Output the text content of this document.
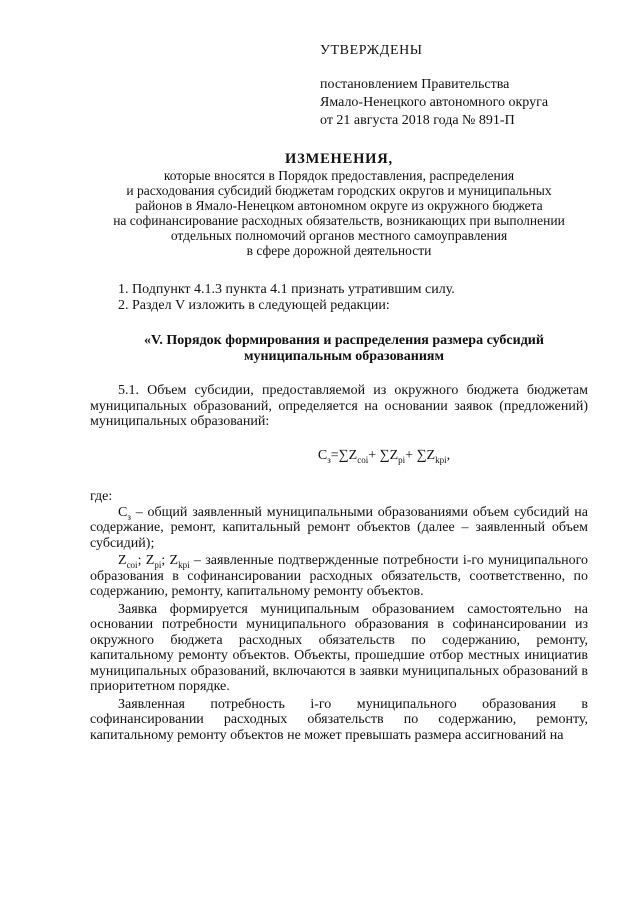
УТВЕРЖДЕНЫ
постановлением Правительства
Ямало-Ненецкого автономного округа
от 21 августа 2018 года № 891-П
ИЗМЕНЕНИЯ,
которые вносятся в Порядок предоставления, распределения
и расходования субсидий бюджетам городских округов и муниципальных
районов в Ямало-Ненецком автономном округе из окружного бюджета
на софинансирование расходных обязательств, возникающих при выполнении
отдельных полномочий органов местного самоуправления
в сфере дорожной деятельности

1. Подпункт 4.1.3 пункта 4.1 признать утратившим силу.

2. Раздел V изложить в следующей редакции:

«V. Порядок формирования и распределения размера субсидий
муниципальным образованиям

5.1. Объем субсидии, предоставляемой из окружного бюджета бюджетам муниципальных образований, определяется на основании заявок (предложений) муниципальных образований:

$С_з=\sum Z_{coi}+ \sum Z_{pi}+ \sum Z_{kpi}$,

где:

$С_з$ – общий заявленный муниципальными образованиями объем субсидий на содержание, ремонт, капитальный ремонт объектов (далее – заявленный объем субсидий);

$Z_{coi}$; $Z_{pi}$; $Z_{kpi}$ – заявленные подтвержденные потребности i-го муниципального образования в софинансировании расходных обязательств, соответственно, по содержанию, ремонту, капитальному ремонту объектов.

Заявка формируется муниципальным образованием самостоятельно на основании потребности муниципального образования в софинансировании из окружного бюджета расходных обязательств по содержанию, ремонту, капитальному ремонту объектов. Объекты, прошедшие отбор местных инициатив муниципальных образований, включаются в заявки муниципальных образований в приоритетном порядке.

Заявленная потребность i-го муниципального образования в софинансировании расходных обязательств по содержанию, ремонту, капитальному ремонту объектов не может превышать размера ассигнований на
